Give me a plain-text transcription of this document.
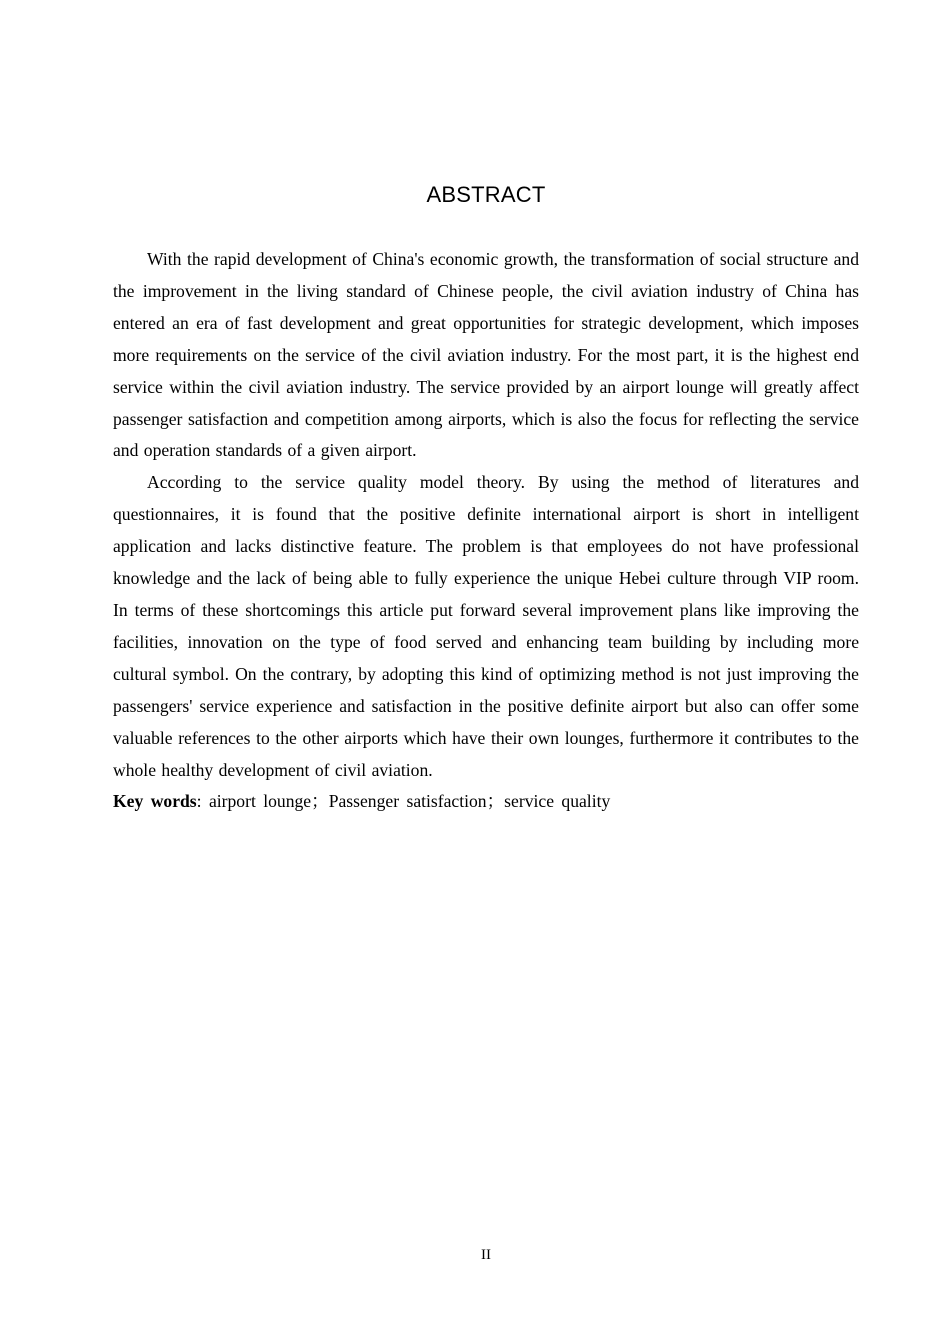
ABSTRACT

With the rapid development of China's economic growth, the transformation of social structure and the improvement in the living standard of Chinese people, the civil aviation industry of China has entered an era of fast development and great opportunities for strategic development, which imposes more requirements on the service of the civil aviation industry. For the most part, it is the highest end service within the civil aviation industry. The service provided by an airport lounge will greatly affect passenger satisfaction and competition among airports, which is also the focus for reflecting the service and operation standards of a given airport.

According to the service quality model theory. By using the method of literatures and questionnaires, it is found that the positive definite international airport is short in intelligent application and lacks distinctive feature. The problem is that employees do not have professional knowledge and the lack of being able to fully experience the unique Hebei culture through VIP room. In terms of these shortcomings this article put forward several improvement plans like improving the facilities, innovation on the type of food served and enhancing team building by including more cultural symbol. On the contrary, by adopting this kind of optimizing method is not just improving the passengers' service experience and satisfaction in the positive definite airport but also can offer some valuable references to the other airports which have their own lounges, furthermore it contributes to the whole healthy development of civil aviation.

Key words: airport lounge；Passenger satisfaction；service quality

II
